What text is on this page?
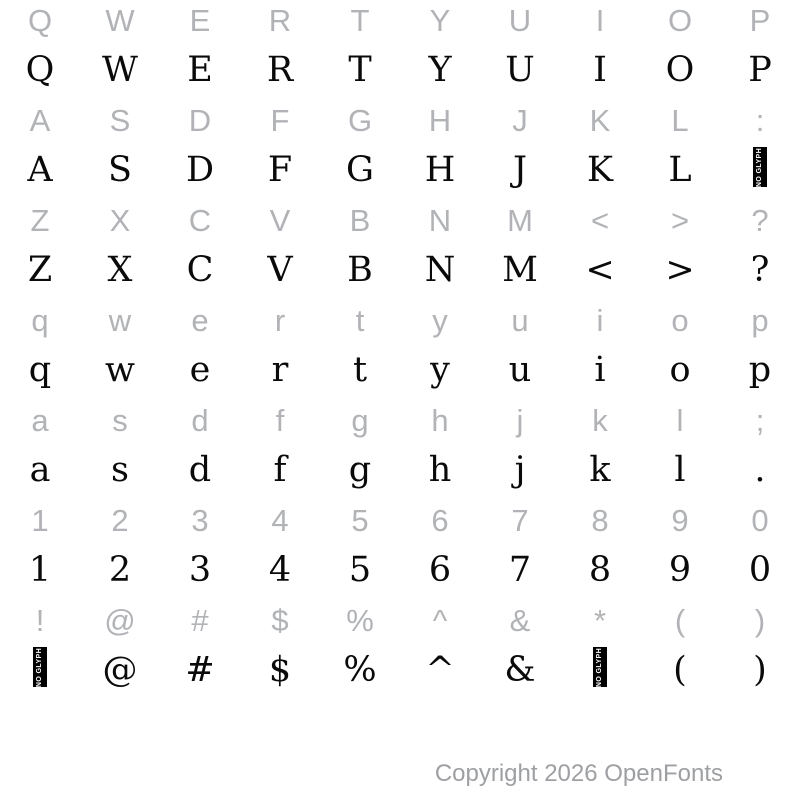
Q	W	E	R	T	Y	U	I	O	P
Q	W	E	R	T	Y	U	I	O	P
A	S	D	F	G	H	J	K	L	:
A	S	D	F	G	H	J	K	L	NO GLYPH
Z	X	C	V	B	N	M	<	>	?
Z	X	C	V	B	N	M	<	>	?
q	w	e	r	t	y	u	i	o	p
q	w	e	r	t	y	u	i	o	p
a	s	d	f	g	h	j	k	l	;
a	s	d	f	g	h	j	k	l	.
1	2	3	4	5	6	7	8	9	0
1	2	3	4	5	6	7	8	9	0
!	@	#	$	%	^	&	*	(	)
NO GLYPH	@	#	$	%	^	&	NO GLYPH	(	)
Copyright 2026 OpenFonts
